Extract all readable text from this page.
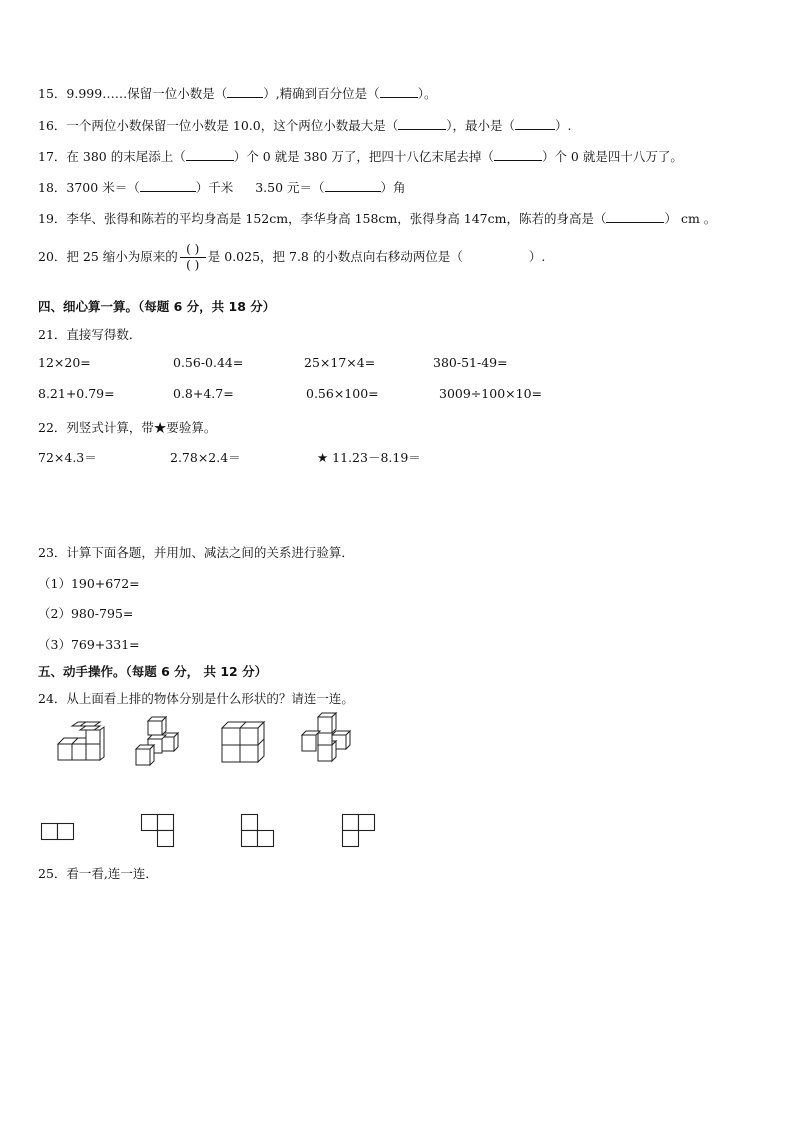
15．9.999……保留一位小数是（	）,精确到百分位是（	）。
16．一个两位小数保留一位小数是 10.0，这个两位小数最大是（	），最小是（	）.
17．在 380 的末尾添上（	）个 0 就是 380 万了，把四十八亿末尾去掉（	）个 0 就是四十八万了。
18．3700 米＝（	）千米 3.50 元＝（	）角
19．李华、张得和陈若的平均身高是 152cm，李华身高 158cm，张得身高 147cm，陈若的身高是（	） cm 。
20．把 25 缩小为原来的 $\frac{( )}{( )}$ 是 0.025，把 7.8 的小数点向右移动两位是（	）.
四、细心算一算。（每题 6 分，共 18 分）
21．直接写得数．
12×20=	0.56-0.44=	25×17×4=	380-51-49=
8.21+0.79=	0.8+4.7=	0.56×100=	3009÷100×10=
22．列竖式计算，带★要验算。
72×4.3＝	2.78×2.4＝	★ 11.23－8.19＝
23．计算下面各题，并用加、减法之间的关系进行验算．
（1）190+672=
（2）980-795=
（3）769+331=
五、动手操作。（每题 6 分， 共 12 分）
24．从上面看上排的物体分别是什么形状的？请连一连。
25．看一看,连一连．
